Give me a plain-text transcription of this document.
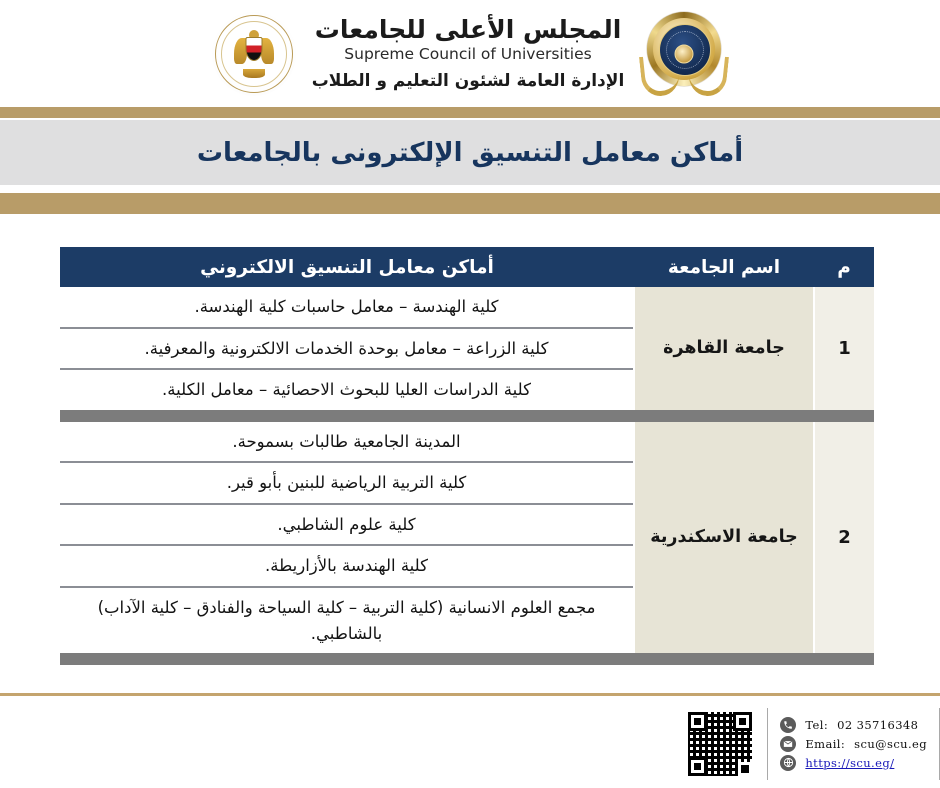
المجلس الأعلى للجامعات
Supreme Council of Universities
الإدارة العامة لشئون التعليم و الطلاب
أماكن معامل التنسيق الإلكترونى بالجامعات
م	اسم الجامعة	أماكن معامل التنسيق الالكتروني
1	جامعة القاهرة	كلية الهندسة – معامل حاسبات كلية الهندسة.
		كلية الزراعة – معامل بوحدة الخدمات الالكترونية والمعرفية.
		كلية الدراسات العليا للبحوث الاحصائية – معامل الكلية.

2	جامعة الاسكندرية	المدينة الجامعية طالبات بسموحة.
		كلية التربية الرياضية للبنين بأبو قير.
		كلية علوم الشاطبي.
		كلية الهندسة بالأزاريطة.
		مجمع العلوم الانسانية (كلية التربية – كلية السياحة والفنادق – كلية الآداب) بالشاطبي.

Tel: 02 35716348
Email: scu@scu.eg
https://scu.eg/
